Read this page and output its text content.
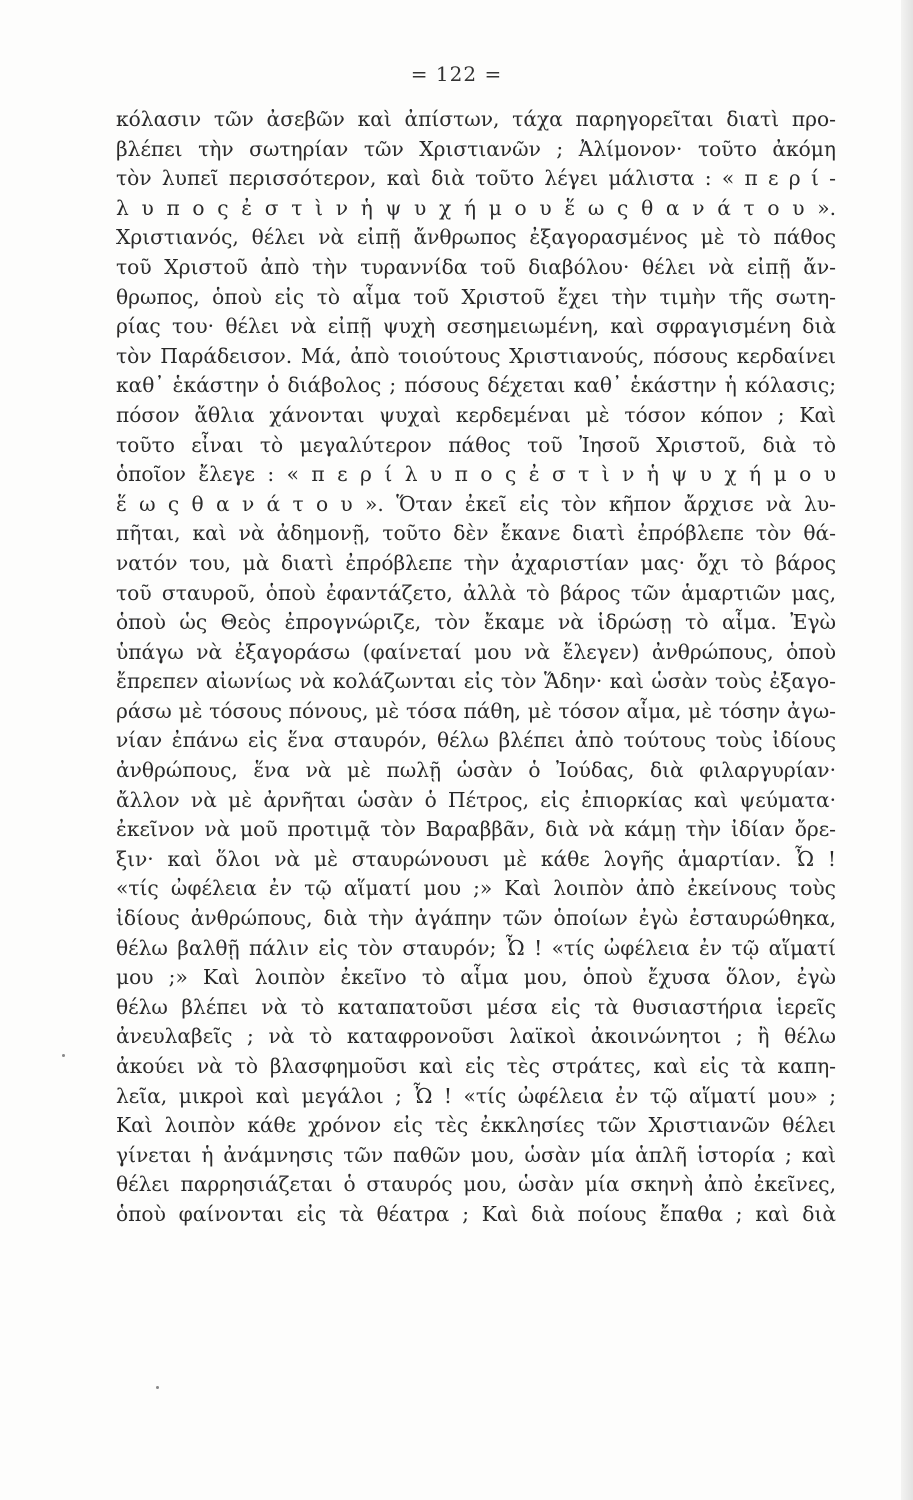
= 122 =
κόλασιν τῶν ἀσεβῶν καὶ ἀπίστων, τάχα παρηγορεῖται διατὶ προ-
βλέπει τὴν σωτηρίαν τῶν Χριστιανῶν ; Ἀλίμονον· τοῦτο ἀκόμη
τὸν λυπεῖ περισσότερον, καὶ διὰ τοῦτο λέγει μάλιστα : « π ε ρ ί -
λ υ π ο ς ἐ σ τ ὶ ν ἡ ψ υ χ ή μ ο υ ἕ ω ς θ α ν ά τ ο υ ».
Χριστιανός, θέλει νὰ εἰπῇ ἄνθρωπος ἐξαγορασμένος μὲ τὸ πάθος
τοῦ Χριστοῦ ἀπὸ τὴν τυραννίδα τοῦ διαβόλου· θέλει νὰ εἰπῇ ἄν-
θρωπος, ὁποὺ εἰς τὸ αἷμα τοῦ Χριστοῦ ἔχει τὴν τιμὴν τῆς σωτη-
ρίας του· θέλει νὰ εἰπῇ ψυχὴ σεσημειωμένη, καὶ σφραγισμένη διὰ
τὸν Παράδεισον. Μά, ἀπὸ τοιούτους Χριστιανούς, πόσους κερδαίνει
καθ᾽ ἑκάστην ὁ διάβολος ; πόσους δέχεται καθ᾽ ἑκάστην ἡ κόλασις;
πόσον ἄθλια χάνονται ψυχαὶ κερδεμέναι μὲ τόσον κόπον ; Καὶ
τοῦτο εἶναι τὸ μεγαλύτερον πάθος τοῦ Ἰησοῦ Χριστοῦ, διὰ τὸ
ὁποῖον ἔλεγε : « π ε ρ ί λ υ π ο ς ἐ σ τ ὶ ν ἡ ψ υ χ ή μ ο υ
ἕ ω ς θ α ν ά τ ο υ ». Ὅταν ἐκεῖ εἰς τὸν κῆπον ἄρχισε νὰ λυ-
πῆται, καὶ νὰ ἀδημονῇ, τοῦτο δὲν ἔκανε διατὶ ἐπρόβλεπε τὸν θά-
νατόν του, μὰ διατὶ ἐπρόβλεπε τὴν ἀχαριστίαν μας· ὄχι τὸ βάρος
τοῦ σταυροῦ, ὁποὺ ἐφαντάζετο, ἀλλὰ τὸ βάρος τῶν ἁμαρτιῶν μας,
ὁποὺ ὡς Θεὸς ἐπρογνώριζε, τὸν ἔκαμε νὰ ἱδρώσῃ τὸ αἷμα. Ἐγὼ
ὑπάγω νὰ ἐξαγοράσω (φαίνεταί μου νὰ ἔλεγεν) ἀνθρώπους, ὁποὺ
ἔπρεπεν αἰωνίως νὰ κολάζωνται εἰς τὸν Ἅδην· καὶ ὡσὰν τοὺς ἐξαγο-
ράσω μὲ τόσους πόνους, μὲ τόσα πάθη, μὲ τόσον αἷμα, μὲ τόσην ἀγω-
νίαν ἐπάνω εἰς ἕνα σταυρόν, θέλω βλέπει ἀπὸ τούτους τοὺς ἰδίους
ἀνθρώπους, ἕνα νὰ μὲ πωλῇ ὡσὰν ὁ Ἰούδας, διὰ φιλαργυρίαν·
ἄλλον νὰ μὲ ἀρνῆται ὡσὰν ὁ Πέτρος, εἰς ἐπιορκίας καὶ ψεύματα·
ἐκεῖνον νὰ μοῦ προτιμᾷ τὸν Βαραββᾶν, διὰ νὰ κάμῃ τὴν ἰδίαν ὄρε-
ξιν· καὶ ὅλοι νὰ μὲ σταυρώνουσι μὲ κάθε λογῆς ἁμαρτίαν. Ὦ !
«τίς ὠφέλεια ἐν τῷ αἵματί μου ;» Καὶ λοιπὸν ἀπὸ ἐκείνους τοὺς
ἰδίους ἀνθρώπους, διὰ τὴν ἀγάπην τῶν ὁποίων ἐγὼ ἐσταυρώθηκα,
θέλω βαλθῇ πάλιν εἰς τὸν σταυρόν; Ὦ ! «τίς ὠφέλεια ἐν τῷ αἵματί
μου ;» Καὶ λοιπὸν ἐκεῖνο τὸ αἷμα μου, ὁποὺ ἔχυσα ὅλον, ἐγὼ
θέλω βλέπει νὰ τὸ καταπατοῦσι μέσα εἰς τὰ θυσιαστήρια ἱερεῖς
ἀνευλαβεῖς ; νὰ τὸ καταφρονοῦσι λαϊκοὶ ἀκοινώνητοι ; ἢ θέλω
ἀκούει νὰ τὸ βλασφημοῦσι καὶ εἰς τὲς στράτες, καὶ εἰς τὰ καπη-
λεῖα, μικροὶ καὶ μεγάλοι ; Ὦ ! «τίς ὠφέλεια ἐν τῷ αἵματί μου» ;
Καὶ λοιπὸν κάθε χρόνον εἰς τὲς ἐκκλησίες τῶν Χριστιανῶν θέλει
γίνεται ἡ ἀνάμνησις τῶν παθῶν μου, ὡσὰν μία ἁπλῆ ἱστορία ; καὶ
θέλει παρρησιάζεται ὁ σταυρός μου, ὡσὰν μία σκηνὴ ἀπὸ ἐκεῖνες,
ὁποὺ φαίνονται εἰς τὰ θέατρα ; Καὶ διὰ ποίους ἔπαθα ; καὶ διὰ
